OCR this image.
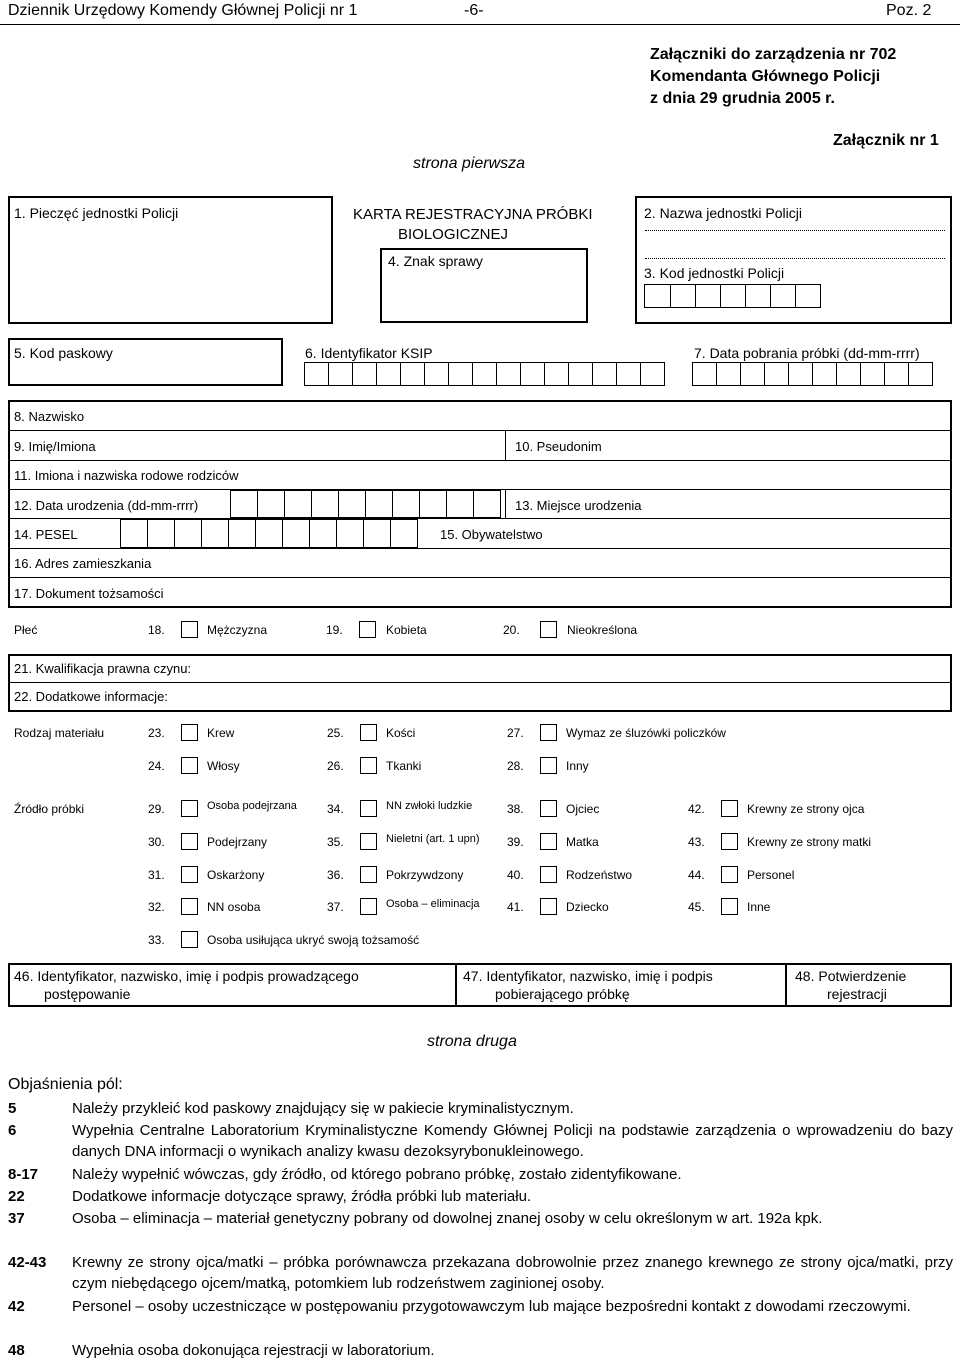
Dziennik Urzędowy Komendy Głównej Policji nr 1	-6-	Poz. 2
Załączniki do zarządzenia nr 702
Komendanta Głównego Policji
z dnia 29 grudnia 2005 r.
Załącznik nr 1
strona pierwsza
1. Pieczęć jednostki Policji	KARTA REJESTRACYJNA PRÓBKI
BIOLOGICZNEJ
4. Znak sprawy
2. Nazwa jednostki Policji
3. Kod jednostki Policji
5. Kod paskowy	6. Identyfikator KSIP	7. Data pobrania próbki (dd-mm-rrrr)
8. Nazwisko
9. Imię/Imiona	10. Pseudonim
11. Imiona i nazwiska rodowe rodziców
12. Data urodzenia (dd-mm-rrrr)	13. Miejsce urodzenia
14. PESEL	15. Obywatelstwo
16. Adres zamieszkania
17. Dokument tożsamości
Płeć	18.	Mężczyzna	19.	Kobieta	20.	Nieokreślona
21. Kwalifikacja prawna czynu:
22. Dodatkowe informacje:
Rodzaj materiału	23.	Krew	25.	Kości	27.	Wymaz ze śluzówki policzków
24.	Włosy	26.	Tkanki	28.	Inny
Źródło próbki	29.	Osoba podejrzana	34.	NN zwłoki ludzkie	38.	Ojciec	42.	Krewny ze strony ojca
30.	Podejrzany	35.	Nieletni (art. 1 upn) 39.	Matka	43.	Krewny ze strony matki
31.	Oskarżony	36.	Pokrzywdzony	40.	Rodzeństwo	44.	Personel
32.	NN osoba	37.	Osoba – eliminacja 41.	Dziecko	45.	Inne
33.	Osoba usiłująca ukryć swoją tożsamość
46. Identyfikator, nazwisko, imię i podpis prowadzącego
postępowanie
47. Identyfikator, nazwisko, imię i podpis
pobierającego próbkę
48. Potwierdzenie
rejestracji
strona druga
Objaśnienia pól:
5	Należy przykleić kod paskowy znajdujący się w pakiecie kryminalistycznym.
6	Wypełnia Centralne Laboratorium Kryminalistyczne Komendy Głównej Policji na podstawie zarządzenia o wprowadzeniu do bazy danych DNA informacji o wynikach analizy kwasu dezoksyrybonukleinowego.
8-17 Należy wypełnić wówczas, gdy źródło, od którego pobrano próbkę, zostało zidentyfikowane.
22	Dodatkowe informacje dotyczące sprawy, źródła próbki lub materiału.
37	Osoba – eliminacja – materiał genetyczny pobrany od dowolnej znanej osoby w celu określonym w art. 192a kpk.
42-43 Krewny ze strony ojca/matki – próbka porównawcza przekazana dobrowolnie przez znanego krewnego ze strony ojca/matki, przy czym niebędącego ojcem/matką, potomkiem lub rodzeństwem zaginionej osoby.
42	Personel – osoby uczestniczące w postępowaniu przygotowawczym lub mające bezpośredni kontakt z dowodami rzeczowymi.
48	Wypełnia osoba dokonująca rejestracji w laboratorium.
